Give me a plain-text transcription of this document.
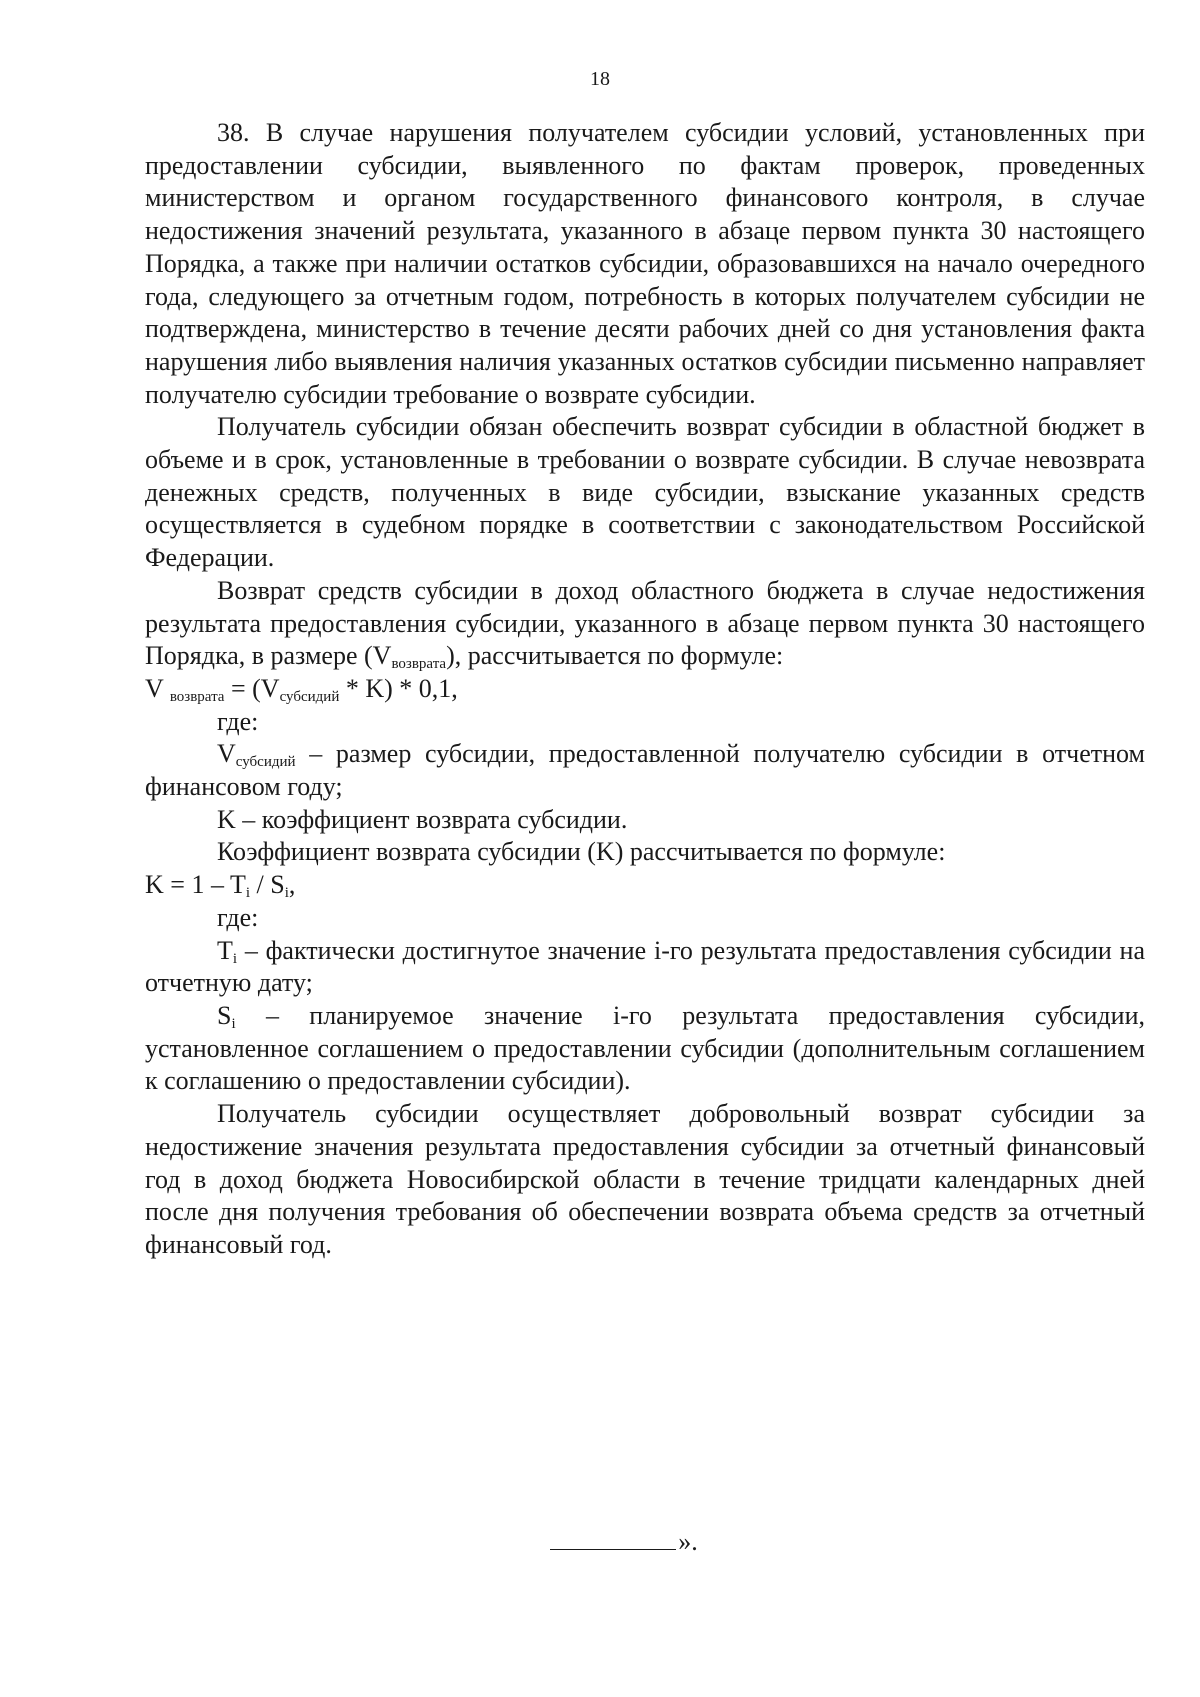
18

38. В случае нарушения получателем субсидии условий, установленных при предоставлении субсидии, выявленного по фактам проверок, проведенных министерством и органом государственного финансового контроля, в случае недостижения значений результата, указанного в абзаце первом пункта 30 настоящего Порядка, а также при наличии остатков субсидии, образовавшихся на начало очередного года, следующего за отчетным годом, потребность в которых получателем субсидии не подтверждена, министерство в течение десяти рабочих дней со дня установления факта нарушения либо выявления наличия указанных остатков субсидии письменно направляет получателю субсидии требование о возврате субсидии.

Получатель субсидии обязан обеспечить возврат субсидии в областной бюджет в объеме и в срок, установленные в требовании о возврате субсидии. В случае невозврата денежных средств, полученных в виде субсидии, взыскание указанных средств осуществляется в судебном порядке в соответствии с законодательством Российской Федерации.

Возврат средств субсидии в доход областного бюджета в случае недостижения результата предоставления субсидии, указанного в абзаце первом пункта 30 настоящего Порядка, в размере $(V_{возврата})$, рассчитывается по формуле:

V $_{возврата} = (V_{субсидий} * K) * 0,1$,

где:

$V_{субсидий}$ – размер субсидии, предоставленной получателю субсидии в отчетном финансовом году;

K – коэффициент возврата субсидии.

Коэффициент возврата субсидии (K) рассчитывается по формуле:

$K = 1 - T_i / S_i$,

где:

$T_i$ – фактически достигнутое значение i-го результата предоставления субсидии на отчетную дату;

$S_i$ – планируемое значение i-го результата предоставления субсидии, установленное соглашением о предоставлении субсидии (дополнительным соглашением к соглашению о предоставлении субсидии).

Получатель субсидии осуществляет добровольный возврат субсидии за недостижение значения результата предоставления субсидии за отчетный финансовый год в доход бюджета Новосибирской области в течение тридцати календарных дней после дня получения требования об обеспечении возврата объема средств за отчетный финансовый год.

».
